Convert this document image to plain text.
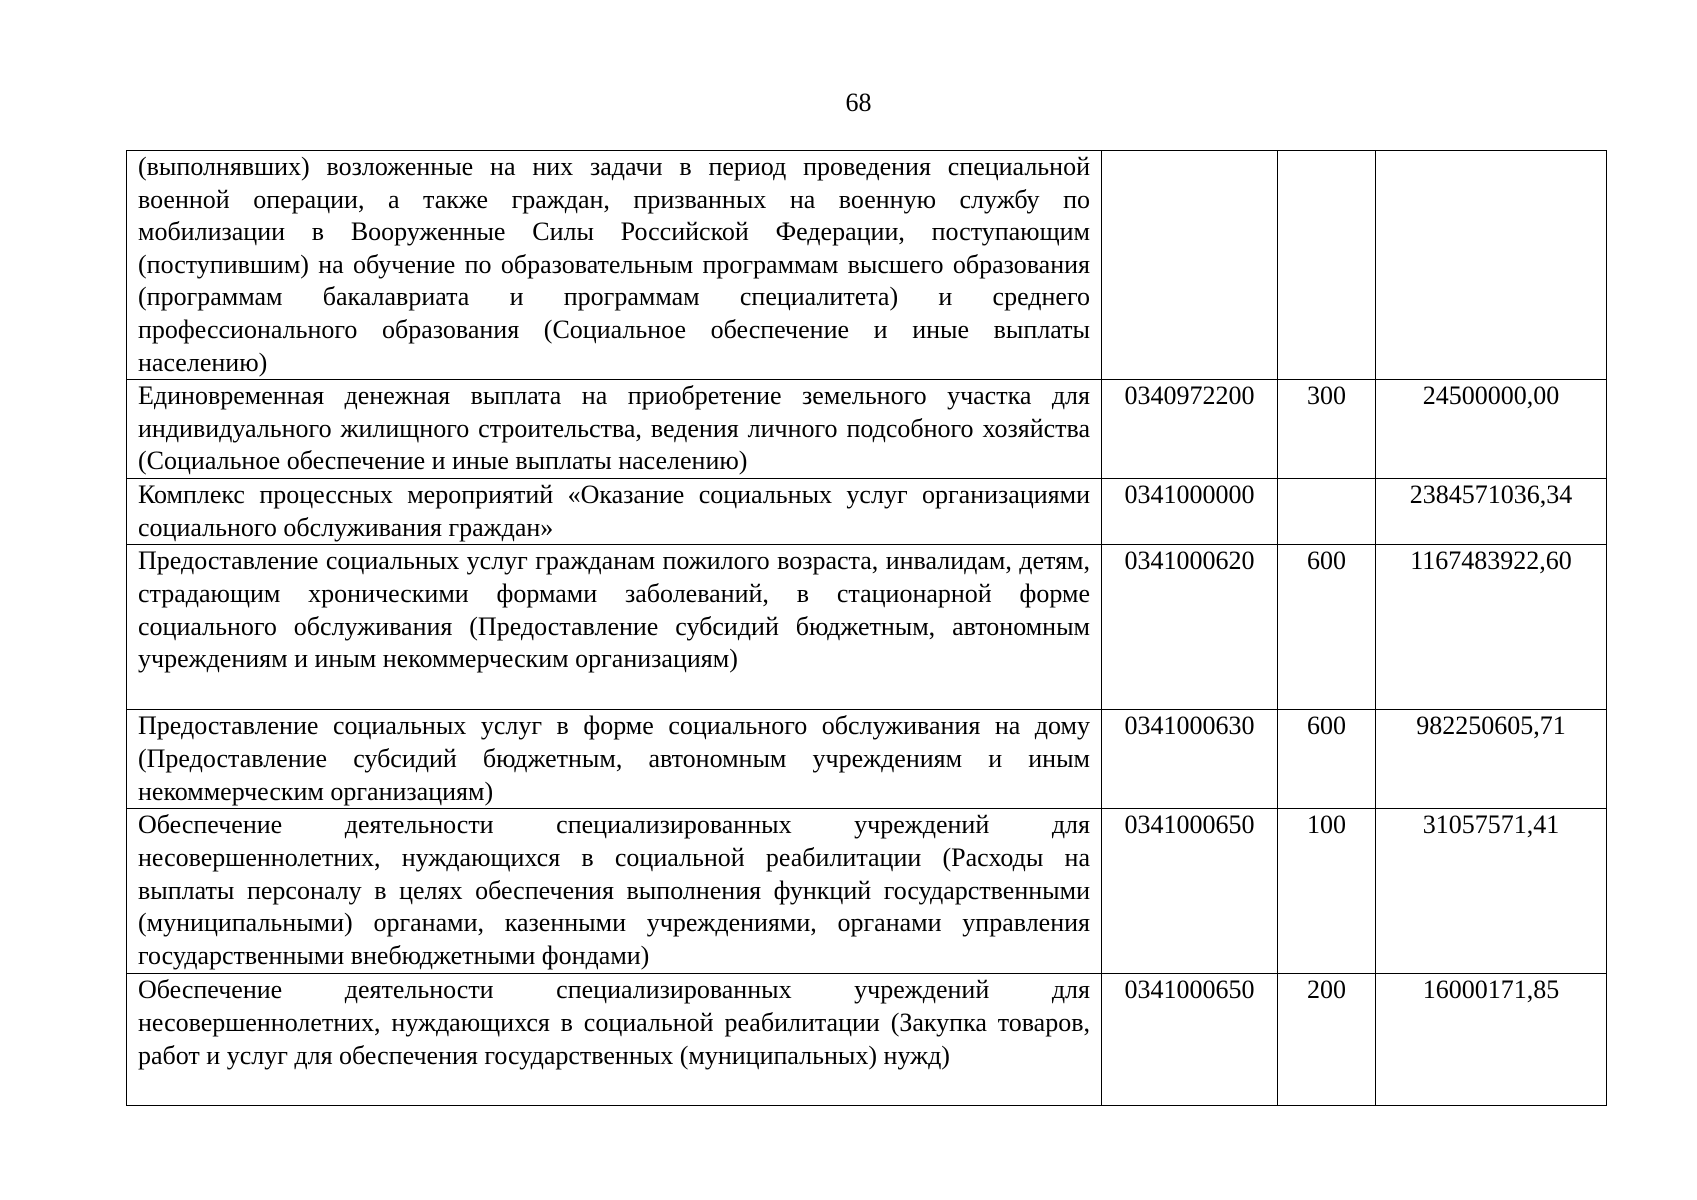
68
(выполнявших) возложенные на них задачи в период проведения специальной военной операции, а также граждан, призванных на военную службу по мобилизации в Вооруженные Силы Российской Федерации, поступающим (поступившим) на обучение по образовательным программам высшего образования (программам бакалавриата и программам специалитета) и среднего профессионального образования (Социальное обеспечение и иные выплаты населению)			
Единовременная денежная выплата на приобретение земельного участка для индивидуального жилищного строительства, ведения личного подсобного хозяйства (Социальное обеспечение и иные выплаты населению)	0340972200	300	24500000,00
Комплекс процессных мероприятий «Оказание социальных услуг организациями социального обслуживания граждан»	0341000000		2384571036,34
Предоставление социальных услуг гражданам пожилого возраста, инвалидам, детям, страдающим хроническими формами заболеваний, в стационарной форме социального обслуживания (Предоставление субсидий бюджетным, автономным учреждениям и иным некоммерческим организациям)	0341000620	600	1167483922,60
Предоставление социальных услуг в форме социального обслуживания на дому (Предоставление субсидий бюджетным, автономным учреждениям и иным некоммерческим организациям)	0341000630	600	982250605,71
Обеспечение деятельности специализированных учреждений для несовершеннолетних, нуждающихся в социальной реабилитации (Расходы на выплаты персоналу в целях обеспечения выполнения функций государственными (муниципальными) органами, казенными учреждениями, органами управления государственными внебюджетными фондами)	0341000650	100	31057571,41
Обеспечение деятельности специализированных учреждений для несовершеннолетних, нуждающихся в социальной реабилитации (Закупка товаров, работ и услуг для обеспечения государственных (муниципальных) нужд)	0341000650	200	16000171,85
